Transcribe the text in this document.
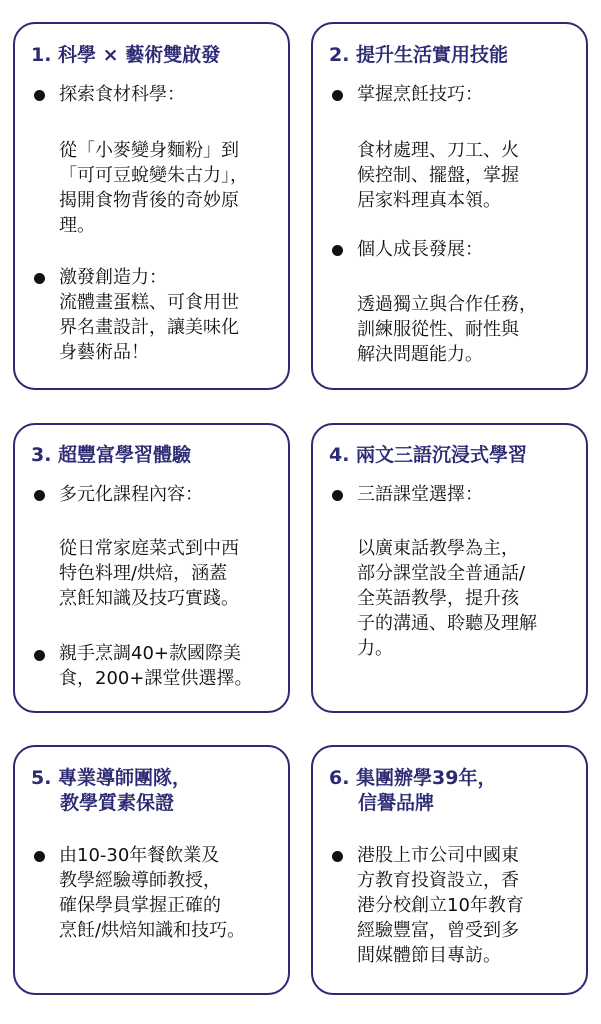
1. 科學 × 藝術雙啟發
探索食材科學：
從「小麥變身麵粉」到
「可可豆蛻變朱古力」，
揭開食物背後的奇妙原
理。
激發創造力：
流體畫蛋糕、可食用世
界名畫設計，讓美味化
身藝術品！
2. 提升生活實用技能
掌握烹飪技巧：
食材處理、刀工、火
候控制、擺盤，掌握
居家料理真本領。
個人成長發展：
透過獨立與合作任務，
訓練服從性、耐性與
解決問題能力。
3. 超豐富學習體驗
多元化課程內容：
從日常家庭菜式到中西
特色料理/烘焙，涵蓋
烹飪知識及技巧實踐。
親手烹調40+款國際美
食，200+課堂供選擇。
4. 兩文三語沉浸式學習
三語課堂選擇：
以廣東話教學為主，
部分課堂設全普通話/
全英語教學，提升孩
子的溝通、聆聽及理解
力。
5. 專業導師團隊，
教學質素保證
由10-30年餐飲業及
教學經驗導師教授，
確保學員掌握正確的
烹飪/烘焙知識和技巧。
6. 集團辦學39年，
信譽品牌
港股上市公司中國東
方教育投資設立，香
港分校創立10年教育
經驗豐富，曾受到多
間媒體節目專訪。
